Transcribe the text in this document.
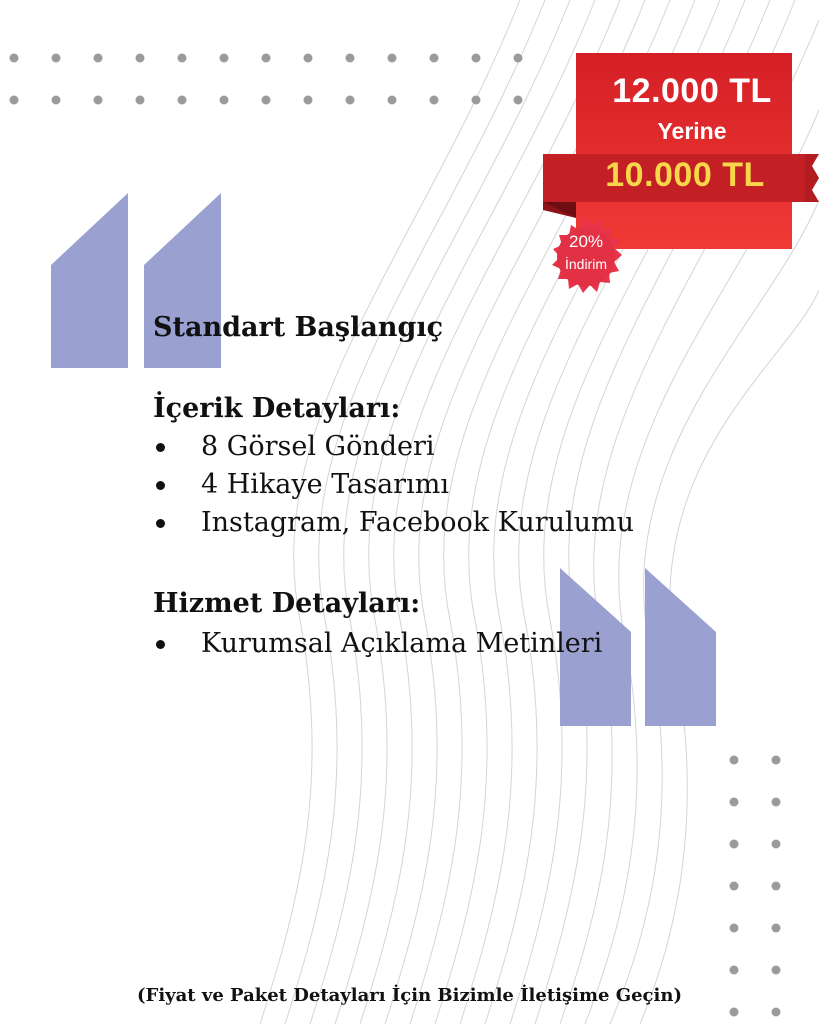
12.000 TL
Yerine
10.000 TL
20%
İndirim
Standart Başlangıç
İçerik Detayları:
8 Görsel Gönderi
4 Hikaye Tasarımı
Instagram, Facebook Kurulumu
Hizmet Detayları:
Kurumsal Açıklama Metinleri

(Fiyat ve Paket Detayları İçin Bizimle İletişime Geçin)
